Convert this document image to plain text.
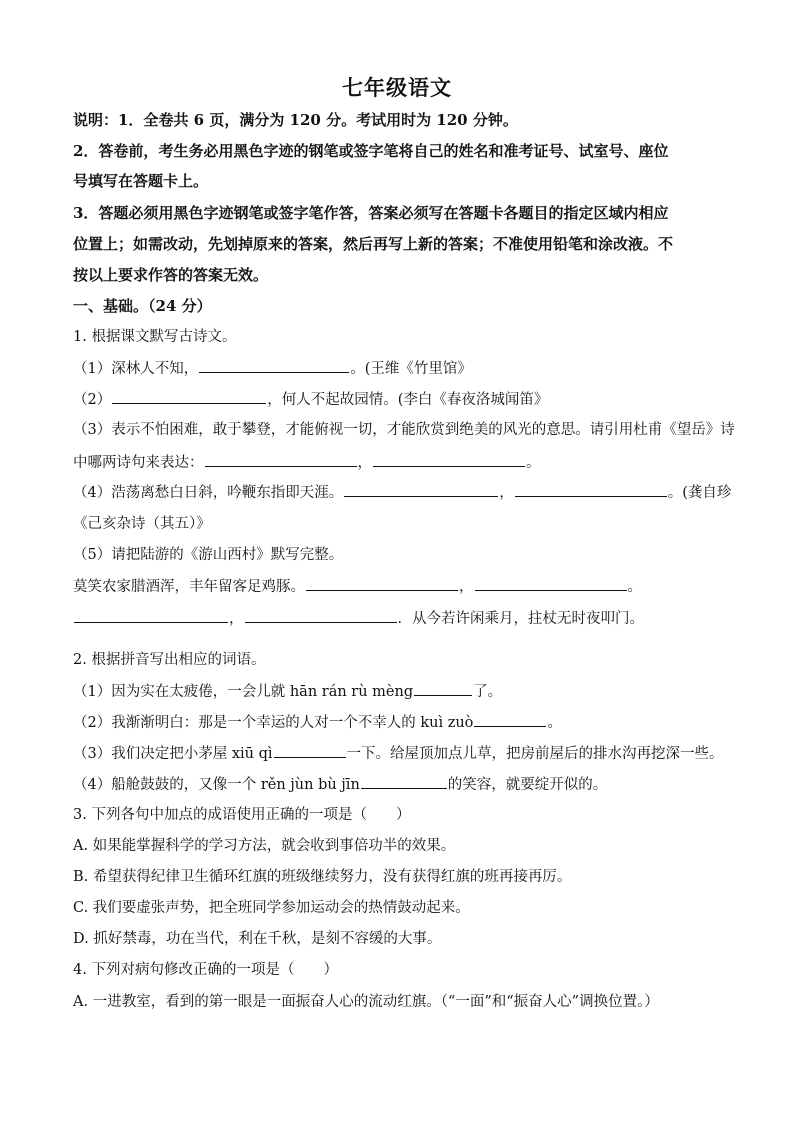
七年级语文
说明：1．全卷共 6 页，满分为 120 分。考试用时为 120 分钟。
2．答卷前，考生务必用黑色字迹的钢笔或签字笔将自己的姓名和准考证号、试室号、座位
号填写在答题卡上。
3．答题必须用黑色字迹钢笔或签字笔作答，答案必须写在答题卡各题目的指定区域内相应
位置上；如需改动，先划掉原来的答案，然后再写上新的答案；不准使用铅笔和涂改液。不
按以上要求作答的答案无效。
一、基础。（24 分）
1. 根据课文默写古诗文。
（1）深林人不知，	。(王维《竹里馆》
（2）	，何人不起故园情。(李白《春夜洛城闻笛》
（3）表示不怕困难，敢于攀登，才能俯视一切，才能欣赏到绝美的风光的意思。请引用杜甫《望岳》诗
中哪两诗句来表达：	，	。
（4）浩荡离愁白日斜，吟鞭东指即天涯。	，	。(龚自珍
《己亥杂诗（其五）》
（5）请把陆游的《游山西村》默写完整。
莫笑农家腊酒浑，丰年留客足鸡豚。	，	。
，	．从今若许闲乘月，拄杖无时夜叩门。
2. 根据拼音写出相应的词语。
（1）因为实在太疲倦，一会儿就 hān rán rù mèng	了。
（2）我渐渐明白：那是一个幸运的人对一个不幸人的 kuì zuò	。
（3）我们决定把小茅屋 xiū qì	一下。给屋顶加点儿草，把房前屋后的排水沟再挖深一些。
（4）船舱鼓鼓的，又像一个 rěn jùn bù jīn	的笑容，就要绽开似的。
3. 下列各句中加点的成语使用正确的一项是（　　）
A. 如果能掌握科学的学习方法，就会收到事倍功半的效果。
B. 希望获得纪律卫生循环红旗的班级继续努力，没有获得红旗的班再接再厉。
C. 我们要虚张声势，把全班同学参加运动会的热情鼓动起来。
D. 抓好禁毒，功在当代，利在千秋，是刻不容缓的大事。
4. 下列对病句修改正确的一项是（　　）
A. 一进教室，看到的第一眼是一面振奋人心的流动红旗。（“一面”和“振奋人心”调换位置。）
